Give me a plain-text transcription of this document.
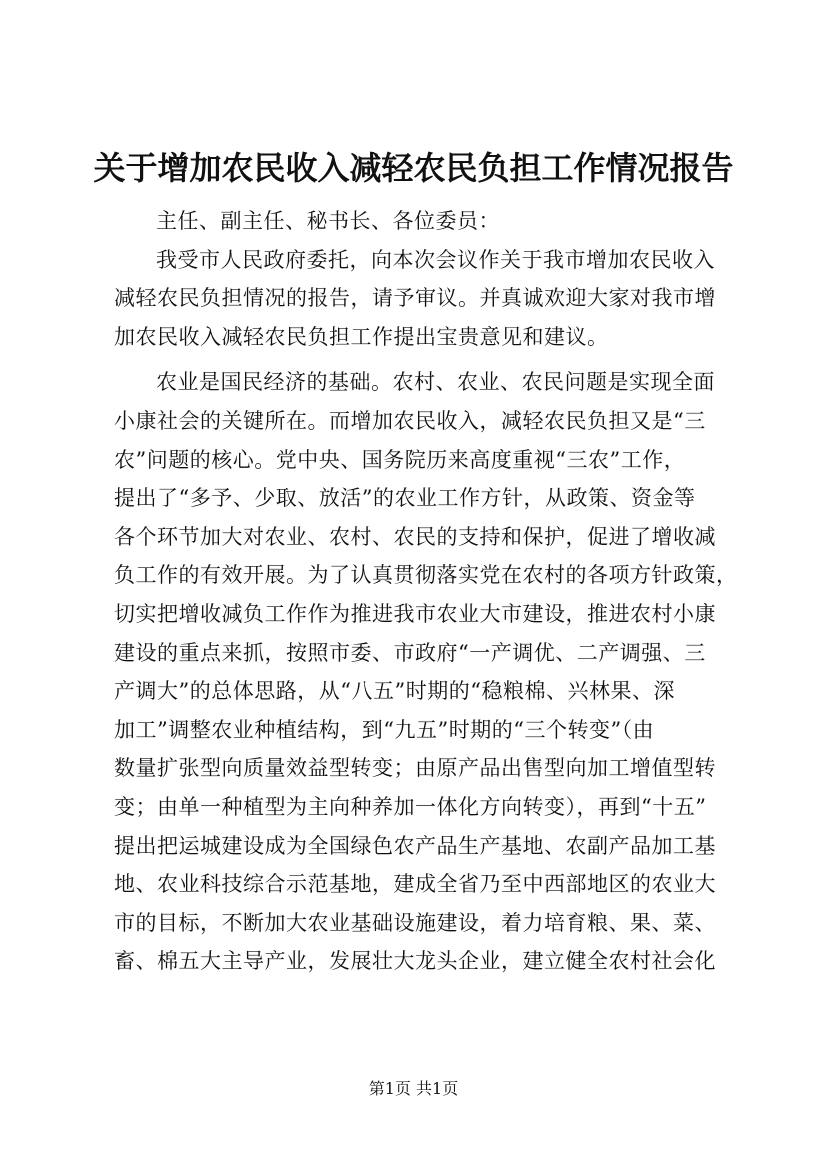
关于增加农民收入减轻农民负担工作情况报告
主任、副主任、秘书长、各位委员：
我受市人民政府委托，向本次会议作关于我市增加农民收入
减轻农民负担情况的报告，请予审议。并真诚欢迎大家对我市增
加农民收入减轻农民负担工作提出宝贵意见和建议。
农业是国民经济的基础。农村、农业、农民问题是实现全面
小康社会的关键所在。而增加农民收入，减轻农民负担又是“三
农”问题的核心。党中央、国务院历来高度重视“三农”工作，
提出了“多予、少取、放活”的农业工作方针，从政策、资金等
各个环节加大对农业、农村、农民的支持和保护，促进了增收减
负工作的有效开展。为了认真贯彻落实党在农村的各项方针政策，
切实把增收减负工作作为推进我市农业大市建设，推进农村小康
建设的重点来抓，按照市委、市政府“一产调优、二产调强、三
产调大”的总体思路，从“八五”时期的“稳粮棉、兴林果、深
加工”调整农业种植结构，到“九五”时期的“三个转变”（由
数量扩张型向质量效益型转变；由原产品出售型向加工增值型转
变；由单一种植型为主向种养加一体化方向转变），再到“十五”
提出把运城建设成为全国绿色农产品生产基地、农副产品加工基
地、农业科技综合示范基地，建成全省乃至中西部地区的农业大
市的目标，不断加大农业基础设施建设，着力培育粮、果、菜、
畜、棉五大主导产业，发展壮大龙头企业，建立健全农村社会化
第1页 共1页
